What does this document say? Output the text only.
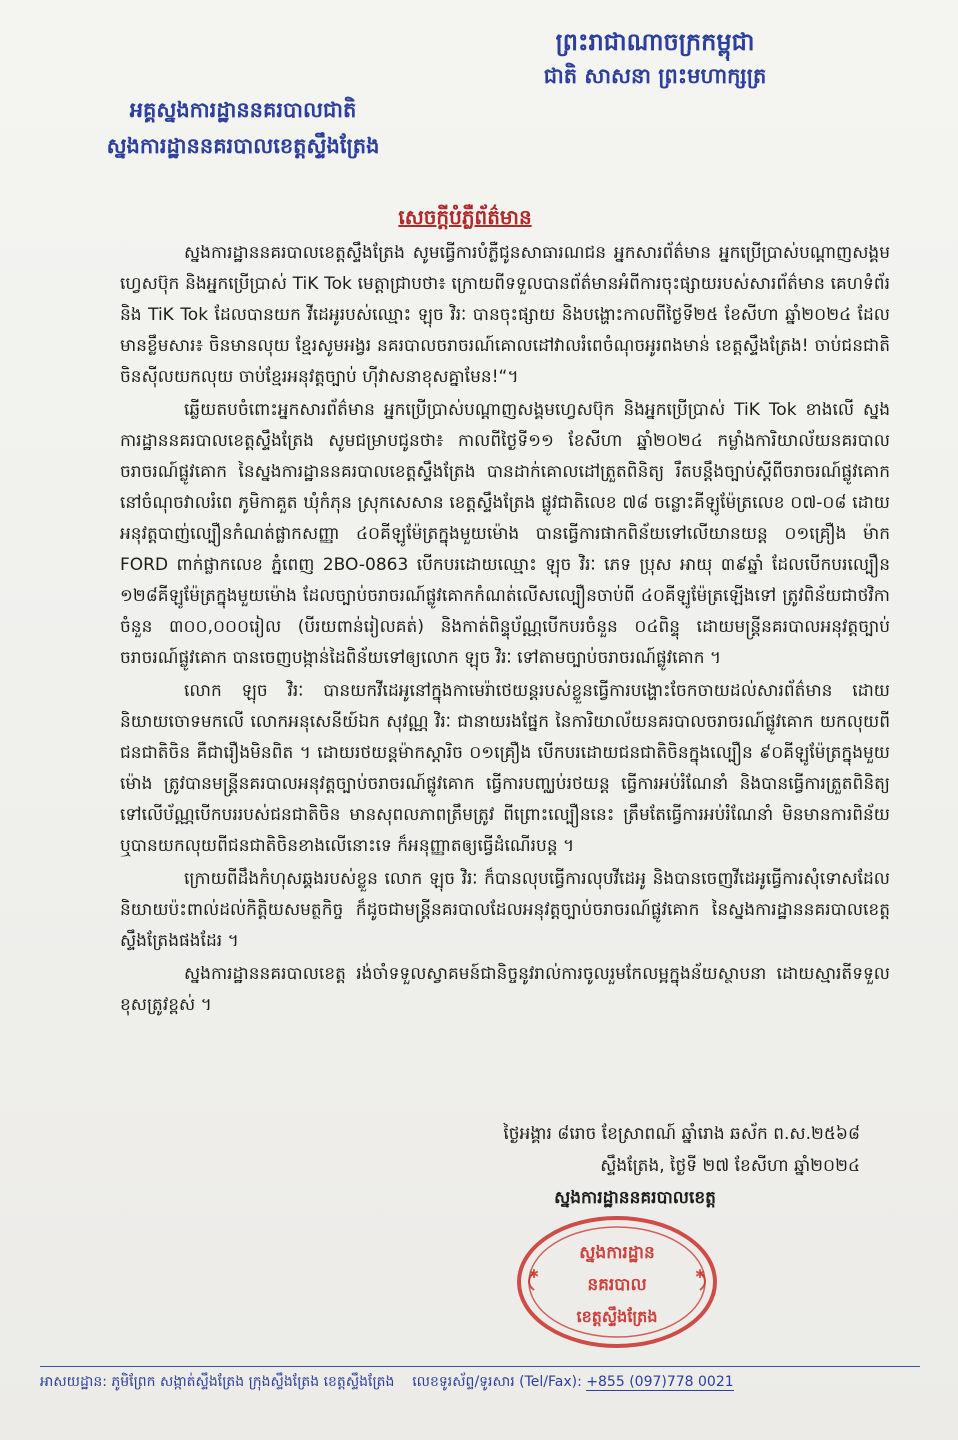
ព្រះរាជាណាចក្រកម្ពុជា
ជាតិ សាសនា ព្រះមហាក្សត្រ
អគ្គស្នងការដ្ឋាននគរបាលជាតិ
ស្នងការដ្ឋាននគរបាលខេត្តស្ទឹងត្រែង
សេចក្តីបំភ្លឺព័ត៌មាន

ស្នងការដ្ឋាននគរបាលខេត្តស្ទឹងត្រែង សូមធ្វើការបំភ្លឺជូនសាធារណជន អ្នកសារព័ត៌មាន អ្នកប្រើប្រាស់បណ្តាញសង្គមហ្វេសប៊ុក និងអ្នកប្រើប្រាស់ TiK Tok មេត្តាជ្រាបថា៖ ក្រោយពីទទួលបានព័ត៌មានអំពីការចុះផ្សាយរបស់សារព័ត៌មាន គេហទំព័រ និង TiK Tok ដែលបានយក វីដេអូរបស់ឈ្មោះ ឡុច វិរៈ បានចុះផ្សាយ និងបង្ហោះកាលពីថ្ងៃទី២៥ ខែសីហា ឆ្នាំ២០២៤ ដែលមានខ្លឹមសារ៖ ចិនមានលុយ ខ្មែរសូមអង្វរ នគរបាលចរាចរណ៍គោលដៅវាលរំពេចំណុចអូរពងមាន់ ខេត្តស្ទឹងត្រែង! ចាប់ជនជាតិចិនស៊ីលយកលុយ ចាប់ខ្មែរអនុវត្តច្បាប់ ហ៊ីវាសនាខុសគ្នាមែន!“។

ឆ្លើយតបចំពោះអ្នកសារព័ត៌មាន អ្នកប្រើប្រាស់បណ្តាញសង្គមហ្វេសប៊ុក និងអ្នកប្រើប្រាស់ TiK Tok ខាងលើ ស្នងការដ្ឋាននគរបាលខេត្តស្ទឹងត្រែង សូមជម្រាបជូនថា៖ កាលពីថ្ងៃទី១១ ខែសីហា ឆ្នាំ២០២៤ កម្លាំងការិយាល័យនគរបាលចរាចរណ៍ផ្លូវគោក នៃស្នងការដ្ឋាននគរបាលខេត្តស្ទឹងត្រែង បានដាក់គោលដៅត្រួតពិនិត្យ រឹតបន្តឹងច្បាប់ស្តីពីចរាចរណ៍ផ្លូវគោក នៅចំណុចវាលរំពេ ភូមិកាគួត ឃុំកំភុន ស្រុកសេសាន ខេត្តស្ទឹងត្រែង ផ្លូវជាតិលេខ ៧៨ ចន្លោះគីឡូម៉ែត្រលេខ ០៧-០៨ ដោយអនុវត្តបាញ់ល្បឿនកំណត់ផ្លាកសញ្ញា ៤០គីឡូម៉ែត្រក្នុងមួយម៉ោង បានធ្វើការផាកពិន័យទៅលើយានយន្ត ០១គ្រឿង ម៉ាក FORD ពាក់ផ្លាកលេខ ភ្នំពេញ 2BO-0863 បើកបរដោយឈ្មោះ ឡុច វិរៈ ភេទ ប្រុស អាយុ ៣៩ឆ្នាំ ដែលបើកបរល្បឿន ១២៨គីឡូម៉ែត្រក្នុងមួយម៉ោង ដែលច្បាប់ចរាចរណ៍ផ្លូវគោកកំណត់លើសល្បឿនចាប់ពី ៤០គីឡូម៉ែត្រឡើងទៅ ត្រូវពិន័យជាថវិកាចំនួន ៣០០,០០០រៀល (បីរយពាន់រៀលគត់) និងកាត់ពិន្ទុប័ណ្ណបើកបរចំនួន ០៤ពិន្ទុ ដោយមន្ត្រីនគរបាលអនុវត្តច្បាប់ចរាចរណ៍ផ្លូវគោក បានចេញបង្កាន់ដៃពិន័យទៅឲ្យលោក ឡុច វិរៈ ទៅតាមច្បាប់ចរាចរណ៍ផ្លូវគោក ។

លោក ឡុច វិរៈ បានយកវីដេអូនៅក្នុងកាមេរ៉ាថេយន្តរបស់ខ្លួនធ្វើការបង្ហោះចែកចាយដល់សារព័ត៌មាន ដោយនិយាយចោទមកលើ លោកអនុសេនីយ៍ឯក សុវណ្ណ វិរៈ ជានាយរងផ្នែក នៃការិយាល័យនគរបាលចរាចរណ៍ផ្លូវគោក យកលុយពីជនជាតិចិន គឺជារឿងមិនពិត ។ ដោយរថយន្តម៉ាកស្តារិច ០១គ្រឿង បើកបរដោយជនជាតិចិនក្នុងល្បឿន ៩០គីឡូម៉ែត្រក្នុងមួយម៉ោង ត្រូវបានមន្ត្រីនគរបាលអនុវត្តច្បាប់ចរាចរណ៍ផ្លូវគោក ធ្វើការបញ្ឈប់រថយន្ត ធ្វើការអប់រំណែនាំ និងបានធ្វើការត្រួតពិនិត្យទៅលើប័ណ្ណបើកបររបស់ជនជាតិចិន មានសុពលភាពត្រឹមត្រូវ ពីព្រោះល្បឿននេះ ត្រឹមតែធ្វើការអប់រំណែនាំ មិនមានការពិន័យ ឬបានយកលុយពីជនជាតិចិនខាងលើនោះទេ ក៏អនុញ្ញាតឲ្យធ្វើដំណើរបន្ត ។

ក្រោយពីដឹងកំហុសឆ្គងរបស់ខ្លួន លោក ឡុច វិរៈ ក៏បានលុបធ្វើការលុបវីដេអូ និងបានចេញវីដេអូធ្វើការសុំទោសដែលនិយាយប៉ះពាល់ដល់កិត្តិយសមត្ថកិច្ច ក៏ដូចជាមន្ត្រីនគរបាលដែលអនុវត្តច្បាប់ចរាចរណ៍ផ្លូវគោក នៃស្នងការដ្ឋាននគរបាលខេត្តស្ទឹងត្រែងផងដែរ ។

ស្នងការដ្ឋាននគរបាលខេត្ត រង់ចាំទទួលស្វាគមន៍ជានិច្ចនូវរាល់ការចូលរួមកែលម្អក្នុងន័យស្ថាបនា ដោយស្មារតីទទួលខុសត្រូវខ្ពស់ ។

ថ្ងៃអង្គារ ៨រោច ខែស្រាពណ៍ ឆ្នាំរោង ឆស័ក ព.ស.២៥៦៨
ស្ទឹងត្រែង, ថ្ងៃទី ២៧ ខែសីហា ឆ្នាំ២០២៤
ស្នងការដ្ឋាននគរបាលខេត្ត
ស្នងការដ្ឋាន
នគរបាល
ខេត្តស្ទឹងត្រែង
✱	✱
អាសយដ្ឋាន: ភូមិព្រែក សង្កាត់ស្ទឹងត្រែង ក្រុងស្ទឹងត្រែង ខេត្តស្ទឹងត្រែង លេខទូរស័ព្ទ/ទូរសារ (Tel/Fax): +855 (097)778 0021
